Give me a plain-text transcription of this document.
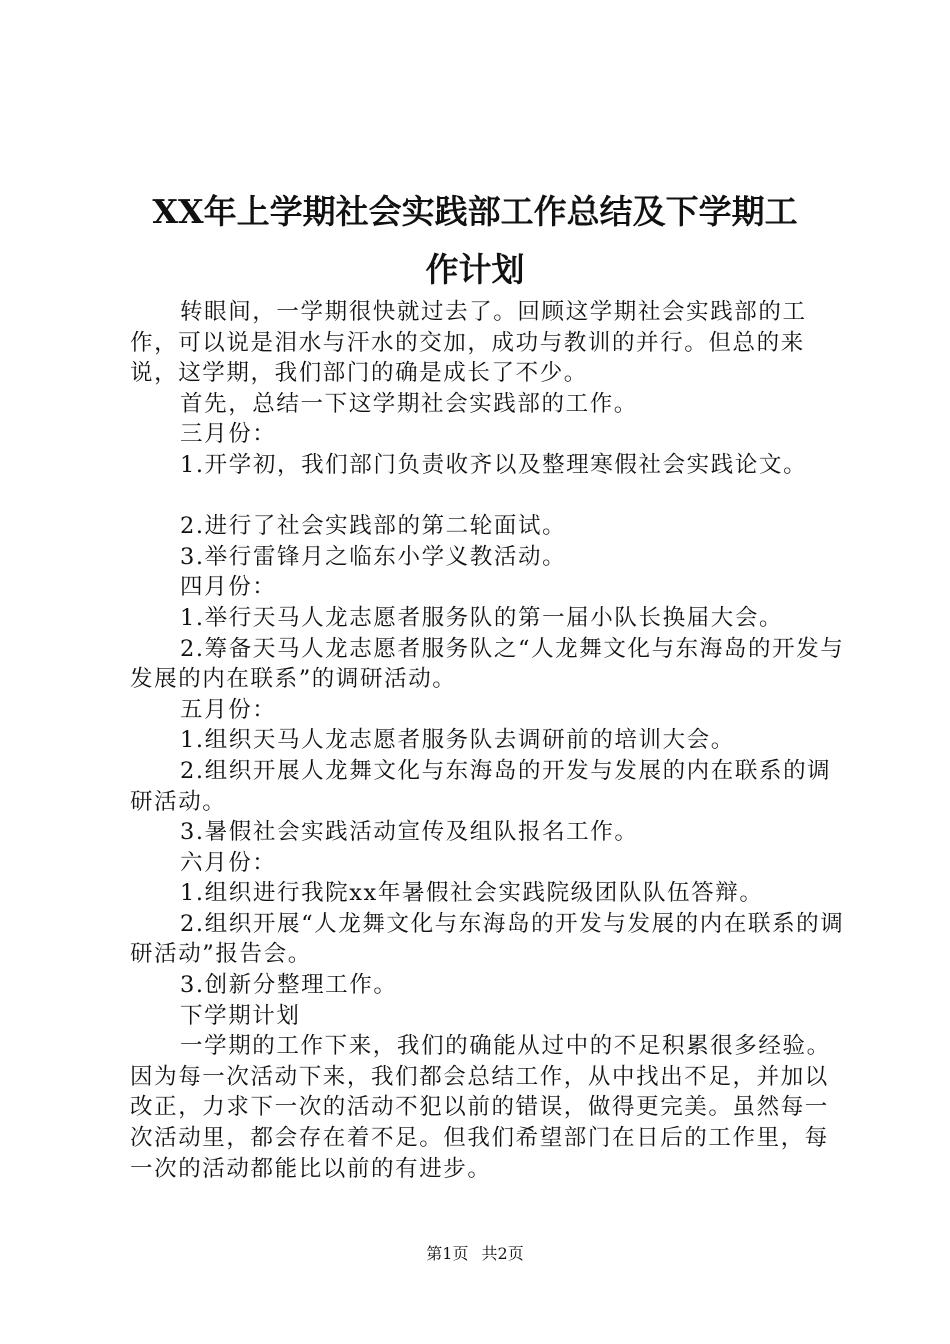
XX年上学期社会实践部工作总结及下学期工
作计划

转眼间，一学期很快就过去了。回顾这学期社会实践部的工作，可以说是泪水与汗水的交加，成功与教训的并行。但总的来说，这学期，我们部门的确是成长了不少。

首先，总结一下这学期社会实践部的工作。

三月份：

1.开学初，我们部门负责收齐以及整理寒假社会实践论文。

2.进行了社会实践部的第二轮面试。

3.举行雷锋月之临东小学义教活动。

四月份：

1.举行天马人龙志愿者服务队的第一届小队长换届大会。

2.筹备天马人龙志愿者服务队之“人龙舞文化与东海岛的开发与发展的内在联系”的调研活动。

五月份：

1.组织天马人龙志愿者服务队去调研前的培训大会。

2.组织开展人龙舞文化与东海岛的开发与发展的内在联系的调研活动。

3.暑假社会实践活动宣传及组队报名工作。

六月份：

1.组织进行我院xx年暑假社会实践院级团队队伍答辩。

2.组织开展“人龙舞文化与东海岛的开发与发展的内在联系的调研活动”报告会。

3.创新分整理工作。

下学期计划

一学期的工作下来，我们的确能从过中的不足积累很多经验。因为每一次活动下来，我们都会总结工作，从中找出不足，并加以改正，力求下一次的活动不犯以前的错误，做得更完美。虽然每一次活动里，都会存在着不足。但我们希望部门在日后的工作里，每一次的活动都能比以前的有进步。

第1页 共2页
